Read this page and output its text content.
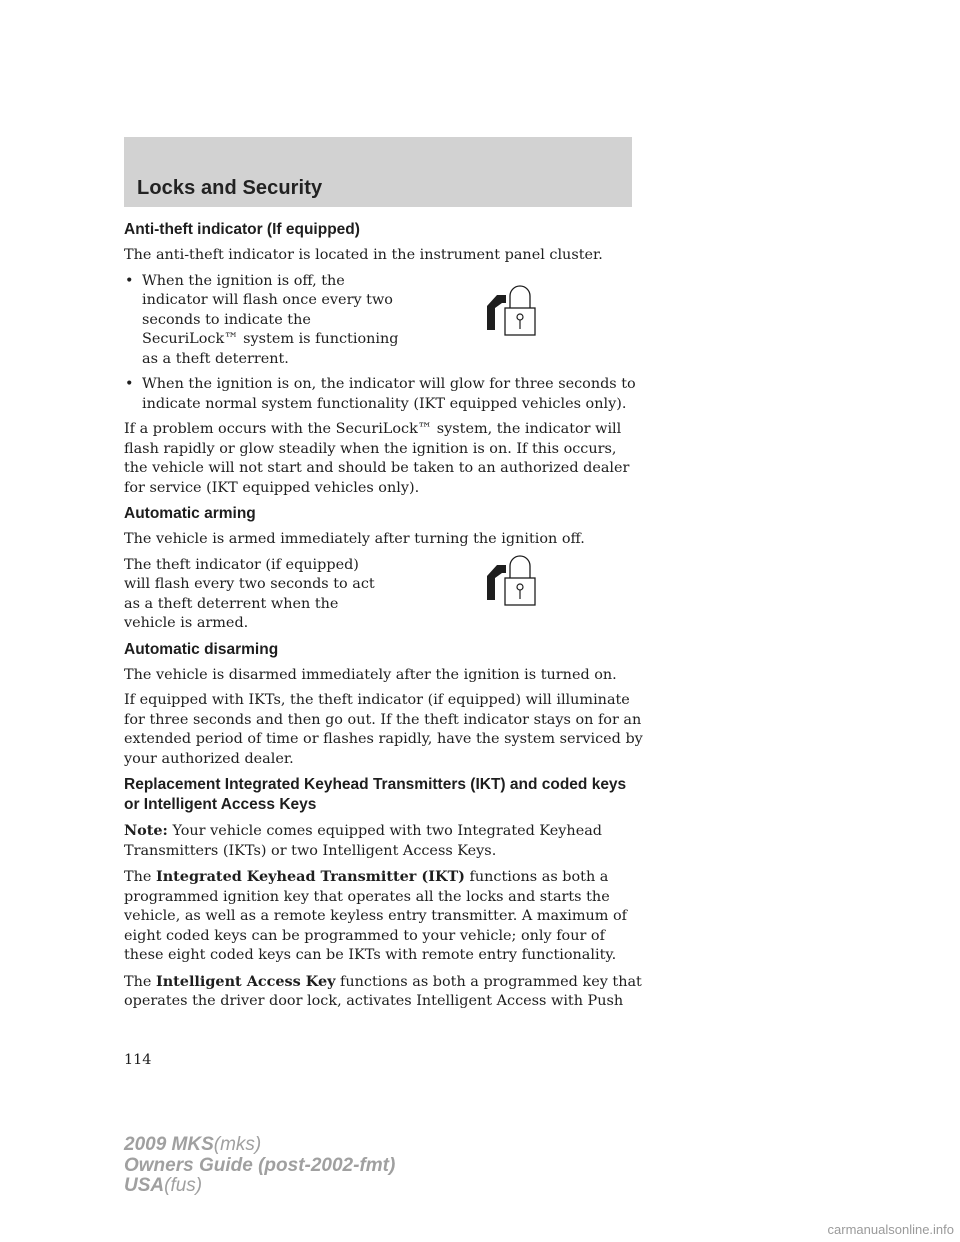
Locks and Security
Anti-theft indicator (If equipped)

The anti-theft indicator is located in the instrument panel cluster.

• When the ignition is off, the indicator will flash once every two seconds to indicate the SecuriLock™ system is functioning as a theft deterrent.
• When the ignition is on, the indicator will glow for three seconds to indicate normal system functionality (IKT equipped vehicles only).

If a problem occurs with the SecuriLock™ system, the indicator will flash rapidly or glow steadily when the ignition is on. If this occurs, the vehicle will not start and should be taken to an authorized dealer for service (IKT equipped vehicles only).

Automatic arming

The vehicle is armed immediately after turning the ignition off.

The theft indicator (if equipped) will flash every two seconds to act as a theft deterrent when the vehicle is armed.

Automatic disarming

The vehicle is disarmed immediately after the ignition is turned on.

If equipped with IKTs, the theft indicator (if equipped) will illuminate for three seconds and then go out. If the theft indicator stays on for an extended period of time or flashes rapidly, have the system serviced by your authorized dealer.

Replacement Integrated Keyhead Transmitters (IKT) and coded keys or Intelligent Access Keys

Note: Your vehicle comes equipped with two Integrated Keyhead Transmitters (IKTs) or two Intelligent Access Keys.

The Integrated Keyhead Transmitter (IKT) functions as both a programmed ignition key that operates all the locks and starts the vehicle, as well as a remote keyless entry transmitter. A maximum of eight coded keys can be programmed to your vehicle; only four of these eight coded keys can be IKTs with remote entry functionality.

The Intelligent Access Key functions as both a programmed key that operates the driver door lock, activates Intelligent Access with Push

114
2009 MKS(mks)
Owners Guide (post-2002-fmt)
USA(fus)
carmanualsonline.info
